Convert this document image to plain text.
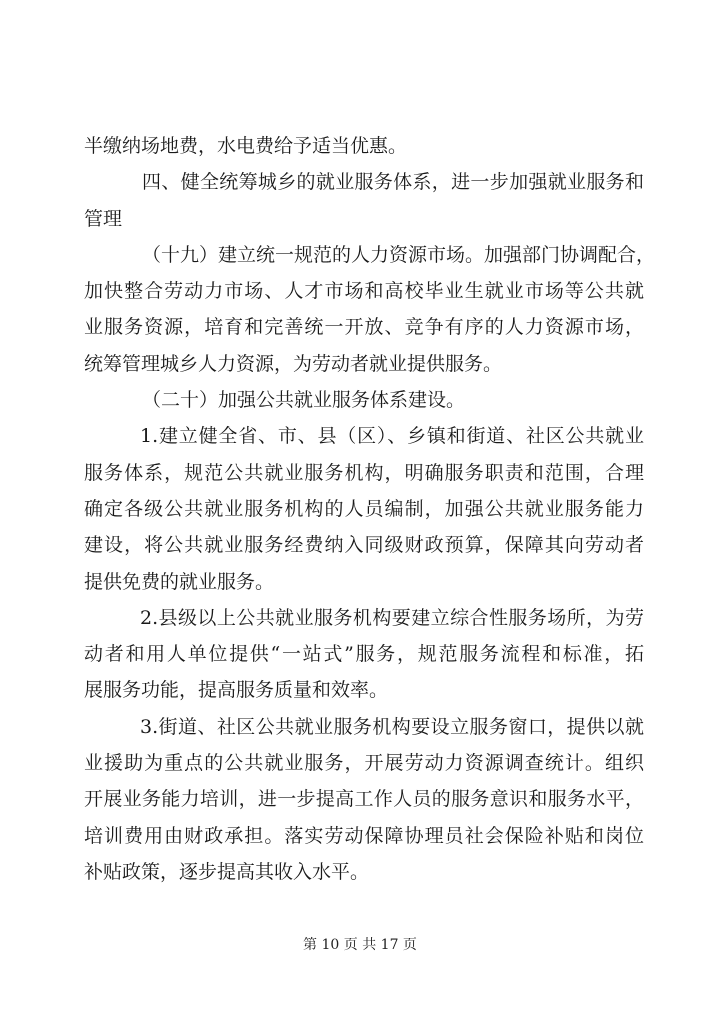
半缴纳场地费，水电费给予适当优惠。
四、健全统筹城乡的就业服务体系，进一步加强就业服务和
管理
（十九）建立统一规范的人力资源市场。加强部门协调配合，
加快整合劳动力市场、人才市场和高校毕业生就业市场等公共就
业服务资源，培育和完善统一开放、竞争有序的人力资源市场，
统筹管理城乡人力资源，为劳动者就业提供服务。
（二十）加强公共就业服务体系建设。
1.建立健全省、市、县（区）、乡镇和街道、社区公共就业
服务体系，规范公共就业服务机构，明确服务职责和范围，合理
确定各级公共就业服务机构的人员编制，加强公共就业服务能力
建设，将公共就业服务经费纳入同级财政预算，保障其向劳动者
提供免费的就业服务。
2.县级以上公共就业服务机构要建立综合性服务场所，为劳
动者和用人单位提供“一站式”服务，规范服务流程和标准，拓
展服务功能，提高服务质量和效率。
3.街道、社区公共就业服务机构要设立服务窗口，提供以就
业援助为重点的公共就业服务，开展劳动力资源调查统计。组织
开展业务能力培训，进一步提高工作人员的服务意识和服务水平，
培训费用由财政承担。落实劳动保障协理员社会保险补贴和岗位
补贴政策，逐步提高其收入水平。
第 10 页 共 17 页
